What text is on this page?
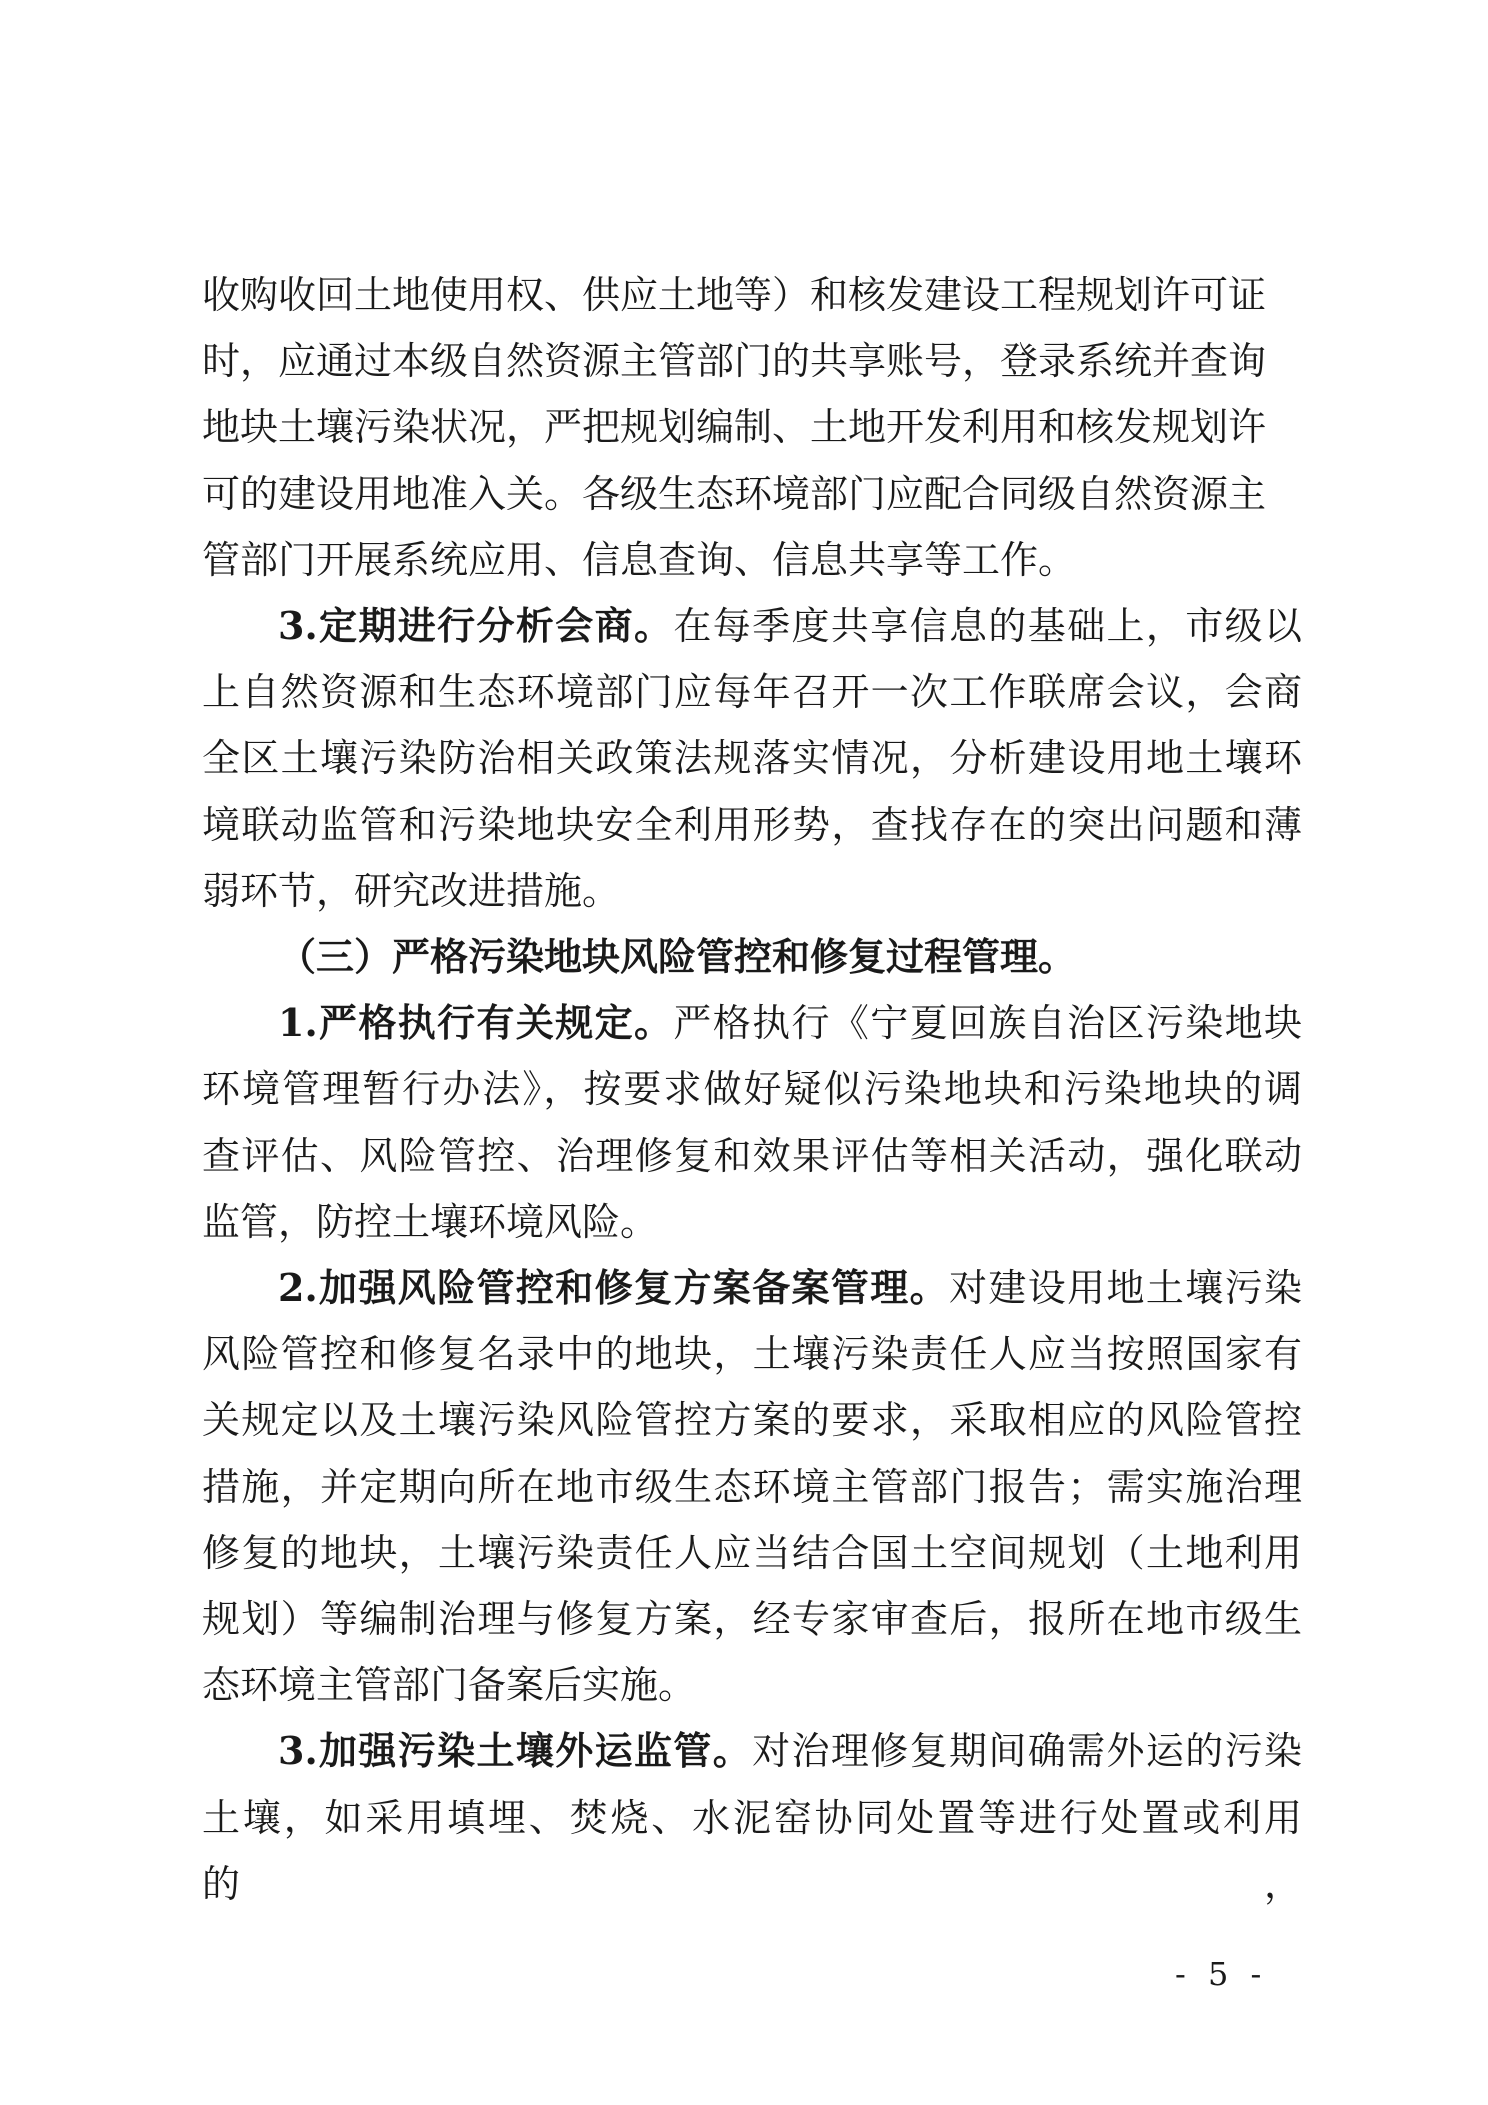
收购收回土地使用权、供应土地等）和核发建设工程规划许可证
时，应通过本级自然资源主管部门的共享账号，登录系统并查询
地块土壤污染状况，严把规划编制、土地开发利用和核发规划许
可的建设用地准入关。各级生态环境部门应配合同级自然资源主
管部门开展系统应用、信息查询、信息共享等工作。

3.定期进行分析会商。在每季度共享信息的基础上，市级以

上自然资源和生态环境部门应每年召开一次工作联席会议，会商
全区土壤污染防治相关政策法规落实情况，分析建设用地土壤环
境联动监管和污染地块安全利用形势，查找存在的突出问题和薄
弱环节，研究改进措施。

（三）严格污染地块风险管控和修复过程管理。

1.严格执行有关规定。严格执行《宁夏回族自治区污染地块

环境管理暂行办法》，按要求做好疑似污染地块和污染地块的调
查评估、风险管控、治理修复和效果评估等相关活动，强化联动
监管，防控土壤环境风险。

2.加强风险管控和修复方案备案管理。对建设用地土壤污染

风险管控和修复名录中的地块，土壤污染责任人应当按照国家有
关规定以及土壤污染风险管控方案的要求，采取相应的风险管控
措施，并定期向所在地市级生态环境主管部门报告；需实施治理
修复的地块，土壤污染责任人应当结合国土空间规划（土地利用
规划）等编制治理与修复方案，经专家审查后，报所在地市级生
态环境主管部门备案后实施。

3.加强污染土壤外运监管。对治理修复期间确需外运的污染

土壤，如采用填埋、焚烧、水泥窑协同处置等进行处置或利用的，

- 5 -
